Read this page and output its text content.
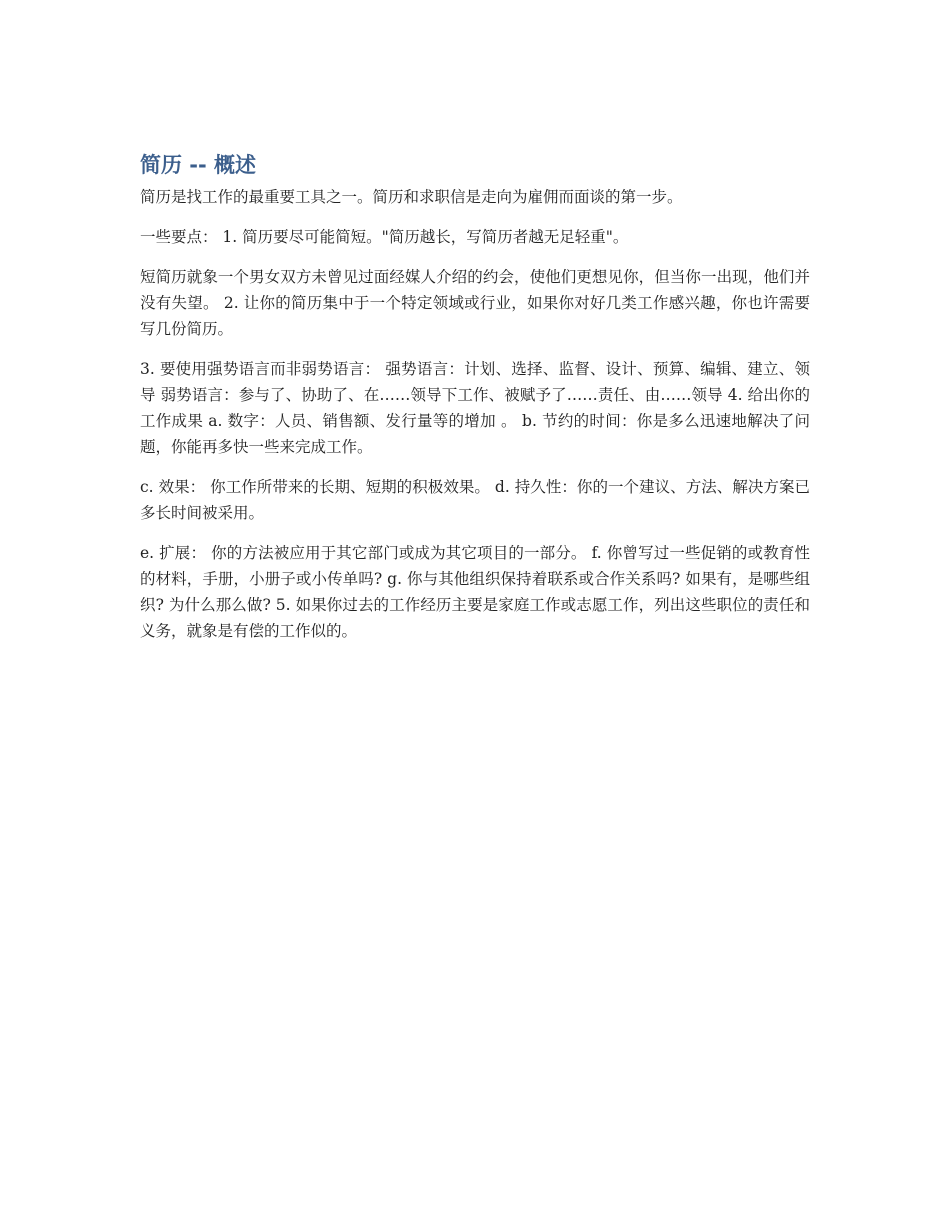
简历 -- 概述

简历是找工作的最重要工具之一。简历和求职信是走向为雇佣而面谈的第一步。

一些要点： 1. 简历要尽可能简短。"简历越长，写简历者越无足轻重"。

短简历就象一个男女双方未曾见过面经媒人介绍的约会，使他们更想见你，但当你一出现，他们并没有失望。 2. 让你的简历集中于一个特定领域或行业，如果你对好几类工作感兴趣，你也许需要写几份简历。

3. 要使用强势语言而非弱势语言： 强势语言：计划、选择、监督、设计、预算、编辑、建立、领导 弱势语言：参与了、协助了、在……领导下工作、被赋予了……责任、由……领导 4. 给出你的工作成果 a. 数字：人员、销售额、发行量等的增加 。 b. 节约的时间：你是多么迅速地解决了问题，你能再多快一些来完成工作。

c. 效果： 你工作所带来的长期、短期的积极效果。 d. 持久性：你的一个建议、方法、解决方案已多长时间被采用。

e. 扩展： 你的方法被应用于其它部门或成为其它项目的一部分。 f. 你曾写过一些促销的或教育性的材料，手册，小册子或小传单吗? g. 你与其他组织保持着联系或合作关系吗? 如果有，是哪些组织? 为什么那么做? 5. 如果你过去的工作经历主要是家庭工作或志愿工作，列出这些职位的责任和义务，就象是有偿的工作似的。
